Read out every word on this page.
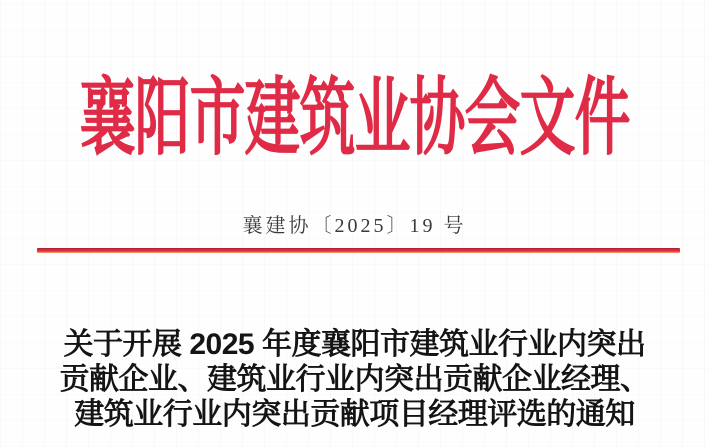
襄阳市建筑业协会文件
襄建协〔2025〕19 号
关于开展 2025 年度襄阳市建筑业行业内突出
贡献企业、建筑业行业内突出贡献企业经理、
建筑业行业内突出贡献项目经理评选的通知
